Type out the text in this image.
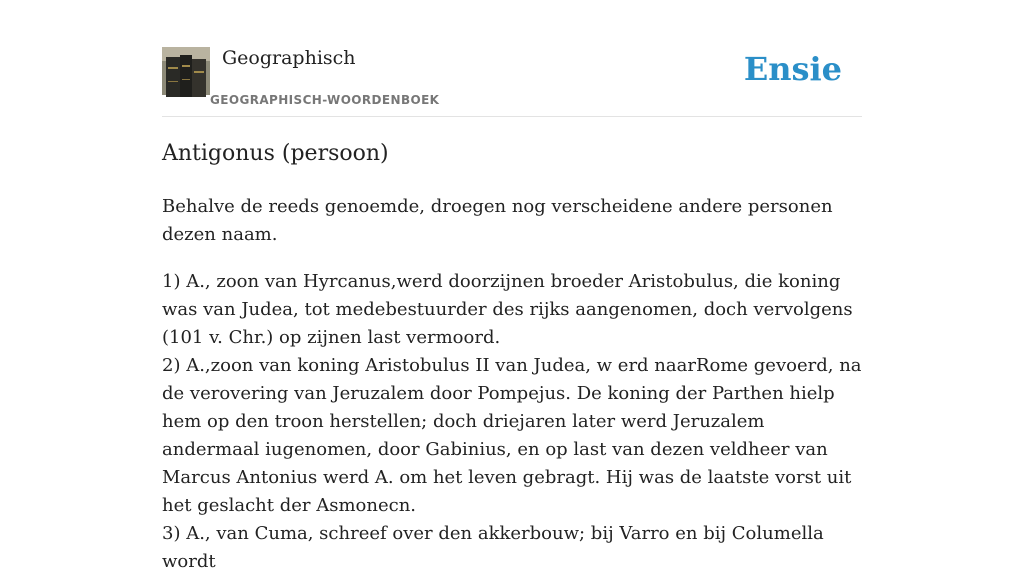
Geographisch
GEOGRAPHISCH-WOORDENBOEK
Ensie
Antigonus (persoon)

Behalve de reeds genoemde, droegen nog verscheidene andere personen dezen naam.

1) A., zoon van Hyrcanus,werd doorzijnen broeder Aristobulus, die koning was van Judea, tot medebestuurder des rijks aangenomen, doch vervolgens (101 v. Chr.) op zijnen last vermoord.

2) A.,zoon van koning Aristobulus II van Judea, w erd naarRome gevoerd, na de verovering van Jeruzalem door Pompejus. De koning der Parthen hielp hem op den troon herstellen; doch driejaren later werd Jeruzalem andermaal iugenomen, door Gabinius, en op last van dezen veldheer van Marcus Antonius werd A. om het leven gebragt. Hij was de laatste vorst uit het geslacht der Asmonecn.

3) A., van Cuma, schreef over den akkerbouw; bij Varro en bij Columella wordt
